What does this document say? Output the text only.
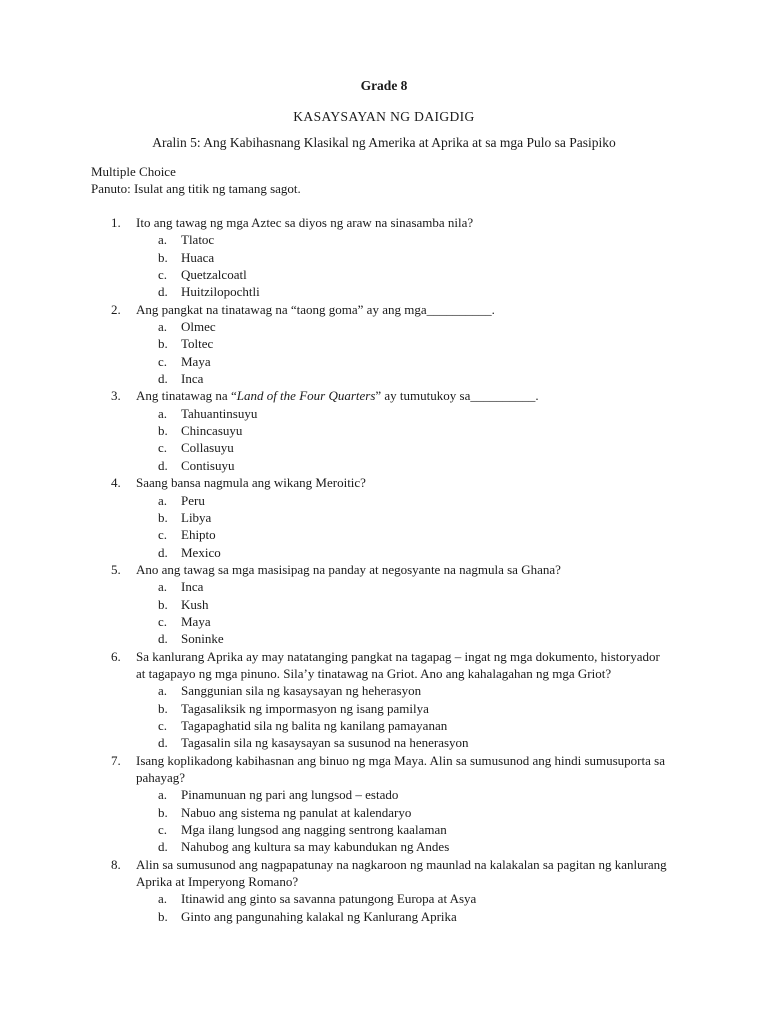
Grade 8
KASAYSAYAN NG DAIGDIG
Aralin 5: Ang Kabihasnang Klasikal ng Amerika at Aprika at sa mga Pulo sa Pasipiko
Multiple Choice
Panuto: Isulat ang titik ng tamang sagot.
1. Ito ang tawag ng mga Aztec sa diyos ng araw na sinasamba nila?
a. Tlatoc
b. Huaca
c. Quetzalcoatl
d. Huitzilopochtli
2. Ang pangkat na tinatawag na “taong goma” ay ang mga__________.
a. Olmec
b. Toltec
c. Maya
d. Inca
3. Ang tinatawag na “Land of the Four Quarters” ay tumutukoy sa__________.
a. Tahuantinsuyu
b. Chincasuyu
c. Collasuyu
d. Contisuyu
4. Saang bansa nagmula ang wikang Meroitic?
a. Peru
b. Libya
c. Ehipto
d. Mexico
5. Ano ang tawag sa mga masisipag na panday at negosyante na nagmula sa Ghana?
a. Inca
b. Kush
c. Maya
d. Soninke
6. Sa kanlurang Aprika ay may natatanging pangkat na tagapag – ingat ng mga dokumento, historyador at tagapayo ng mga pinuno. Sila’y tinatawag na Griot. Ano ang kahalagahan ng mga Griot?
a. Sanggunian sila ng kasaysayan ng heherasyon
b. Tagasaliksik ng impormasyon ng isang pamilya
c. Tagapaghatid sila ng balita ng kanilang pamayanan
d. Tagasalin sila ng kasaysayan sa susunod na henerasyon
7. Isang koplikadong kabihasnan ang binuo ng mga Maya. Alin sa sumusunod ang hindi sumusuporta sa pahayag?
a. Pinamunuan ng pari ang lungsod – estado
b. Nabuo ang sistema ng panulat at kalendaryo
c. Mga ilang lungsod ang nagging sentrong kaalaman
d. Nahubog ang kultura sa may kabundukan ng Andes
8. Alin sa sumusunod ang nagpapatunay na nagkaroon ng maunlad na kalakalan sa pagitan ng kanlurang Aprika at Imperyong Romano?
a. Itinawid ang ginto sa savanna patungong Europa at Asya
b. Ginto ang pangunahing kalakal ng Kanlurang Aprika
